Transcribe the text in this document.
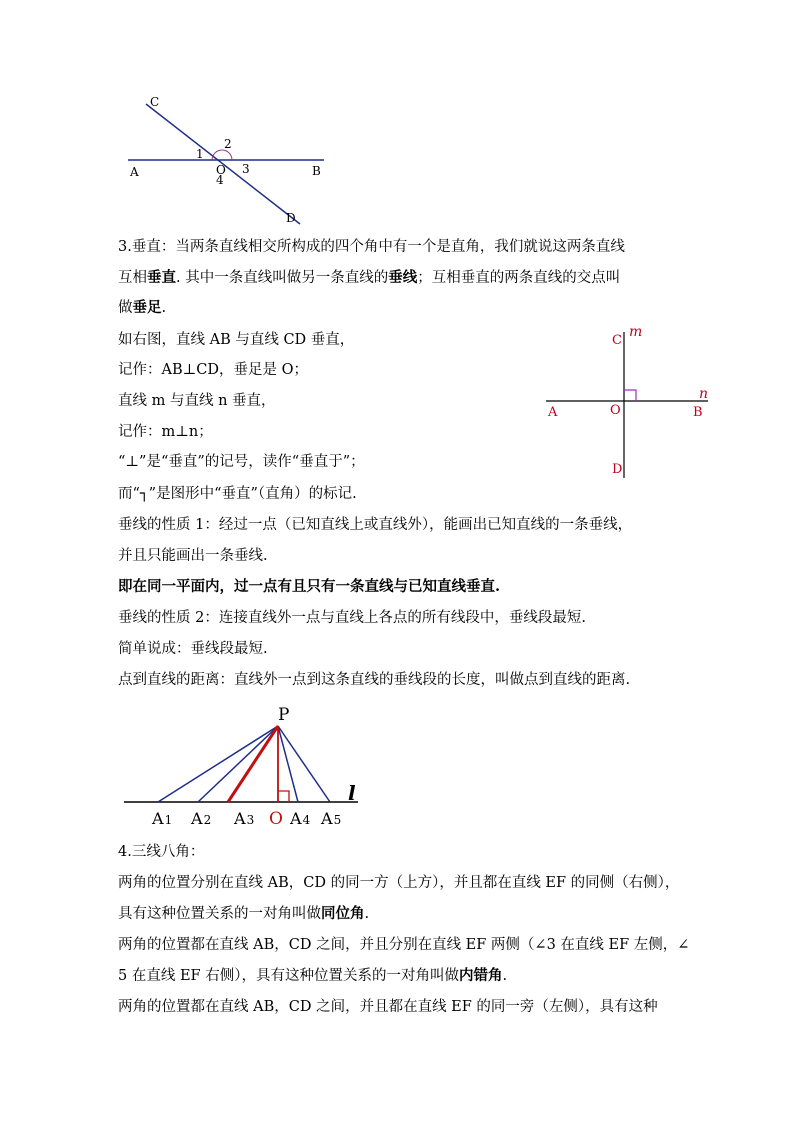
C
A	B
D
O
1
2
3
4
3.垂直：当两条直线相交所构成的四个角中有一个是直角，我们就说这两条直线
互相垂直. 其中一条直线叫做另一条直线的垂线；互相垂直的两条直线的交点叫
做垂足.
如右图，直线 AB 与直线 CD 垂直，
记作：AB⊥CD，垂足是 O；
直线 m 与直线 n 垂直，
记作：m⊥n；
“⊥”是“垂直”的记号，读作“垂直于”；
而“┐”是图形中“垂直”（直角）的标记.
垂线的性质 1：经过一点（已知直线上或直线外），能画出已知直线的一条垂线，
并且只能画出一条垂线.
即在同一平面内，过一点有且只有一条直线与已知直线垂直.
垂线的性质 2：连接直线外一点与直线上各点的所有线段中，垂线段最短.
简单说成：垂线段最短.
点到直线的距离：直线外一点到这条直线的垂线段的长度，叫做点到直线的距离.
C
m
n
A	O	B
D
P
l
A1 A2 A3 O A4 A5
4.三线八角：
两角的位置分别在直线 AB，CD 的同一方（上方），并且都在直线 EF 的同侧（右侧），
具有这种位置关系的一对角叫做同位角.
两角的位置都在直线 AB，CD 之间，并且分别在直线 EF 两侧（∠3 在直线 EF 左侧，∠
5 在直线 EF 右侧），具有这种位置关系的一对角叫做内错角.
两角的位置都在直线 AB，CD 之间，并且都在直线 EF 的同一旁（左侧），具有这种
